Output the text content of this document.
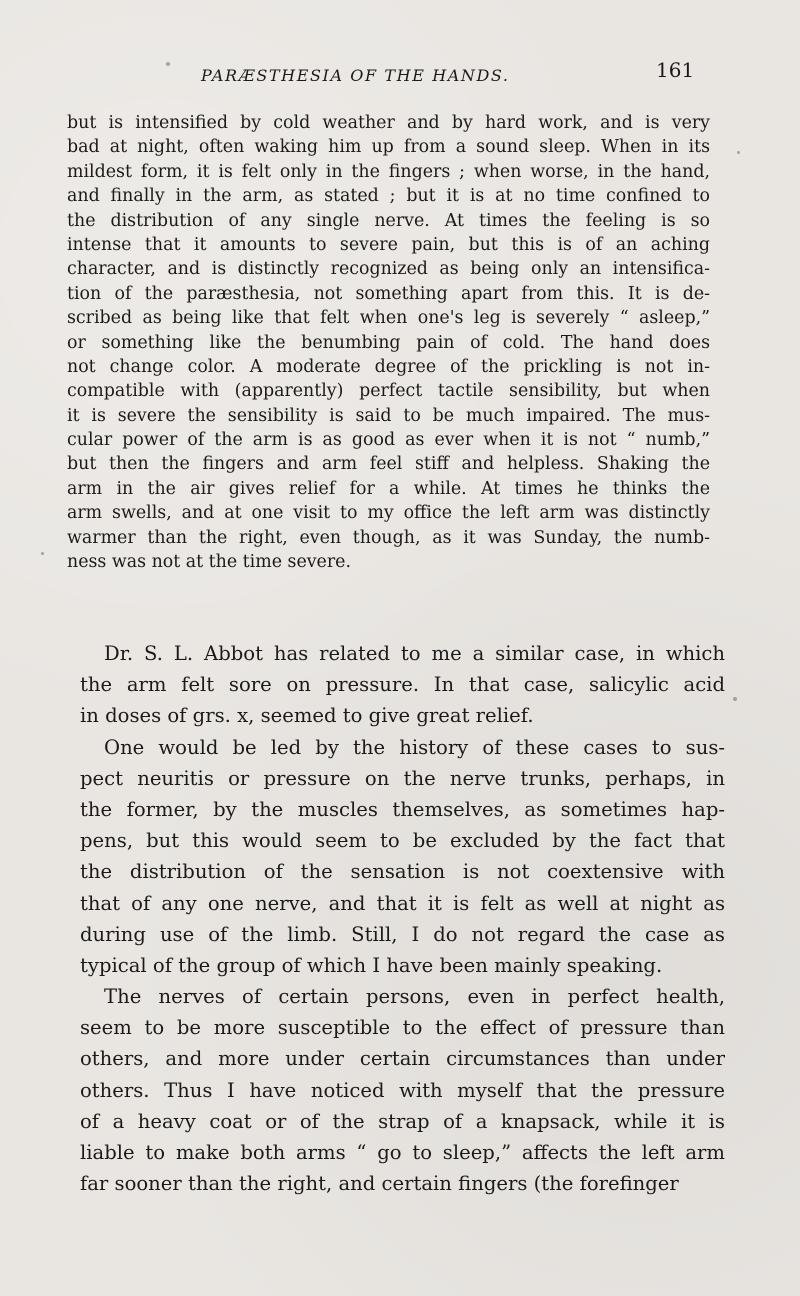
PARÆSTHESIA OF THE HANDS.	161
but is intensified by cold weather and by hard work, and is very
bad at night, often waking him up from a sound sleep. When in its
mildest form, it is felt only in the fingers ; when worse, in the hand,
and finally in the arm, as stated ; but it is at no time confined to
the distribution of any single nerve. At times the feeling is so
intense that it amounts to severe pain, but this is of an aching
character, and is distinctly recognized as being only an intensifica-
tion of the paræsthesia, not something apart from this. It is de-
scribed as being like that felt when one's leg is severely “ asleep,”
or something like the benumbing pain of cold. The hand does
not change color. A moderate degree of the prickling is not in-
compatible with (apparently) perfect tactile sensibility, but when
it is severe the sensibility is said to be much impaired. The mus-
cular power of the arm is as good as ever when it is not “ numb,”
but then the fingers and arm feel stiff and helpless. Shaking the
arm in the air gives relief for a while. At times he thinks the
arm swells, and at one visit to my office the left arm was distinctly
warmer than the right, even though, as it was Sunday, the numb-
ness was not at the time severe.
Dr. S. L. Abbot has related to me a similar case, in which
the arm felt sore on pressure. In that case, salicylic acid
in doses of grs. x, seemed to give great relief.
One would be led by the history of these cases to sus-
pect neuritis or pressure on the nerve trunks, perhaps, in
the former, by the muscles themselves, as sometimes hap-
pens, but this would seem to be excluded by the fact that
the distribution of the sensation is not coextensive with
that of any one nerve, and that it is felt as well at night as
during use of the limb. Still, I do not regard the case as
typical of the group of which I have been mainly speaking.
The nerves of certain persons, even in perfect health,
seem to be more susceptible to the effect of pressure than
others, and more under certain circumstances than under
others. Thus I have noticed with myself that the pressure
of a heavy coat or of the strap of a knapsack, while it is
liable to make both arms “ go to sleep,” affects the left arm
far sooner than the right, and certain fingers (the forefinger
